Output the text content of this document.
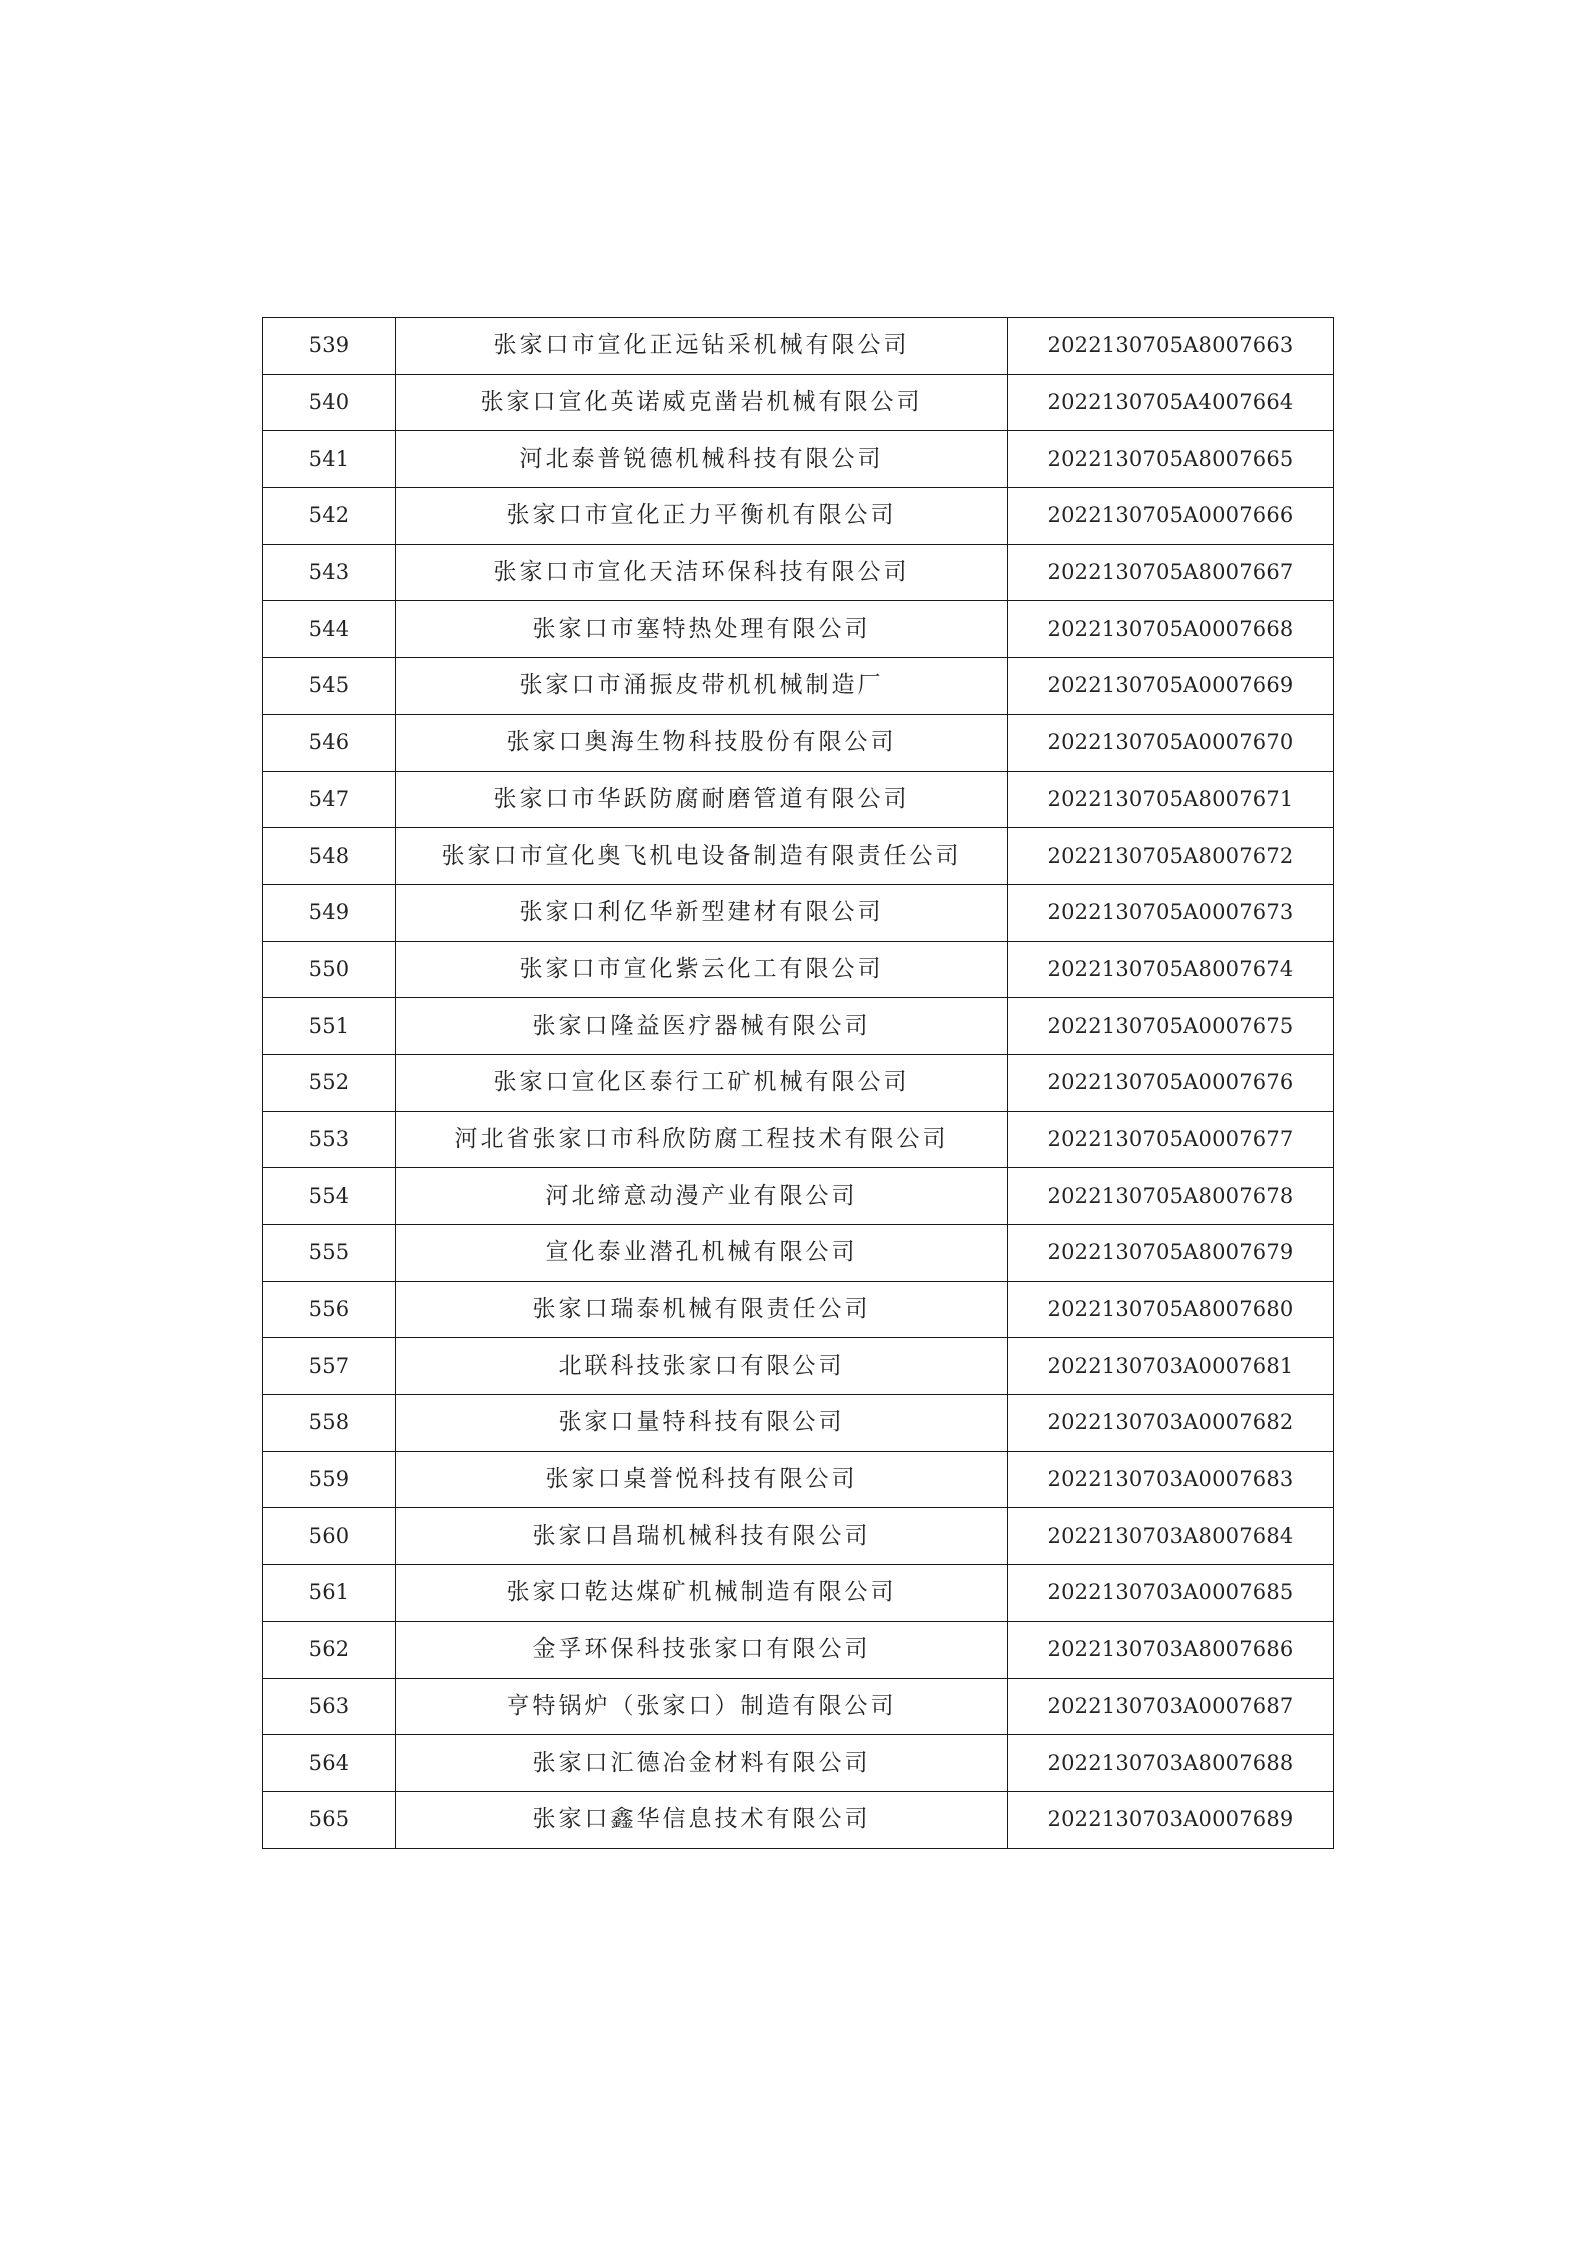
539	张家口市宣化正远钻采机械有限公司	2022130705A8007663
540	张家口宣化英诺威克凿岩机械有限公司	2022130705A4007664
541	河北泰普锐德机械科技有限公司	2022130705A8007665
542	张家口市宣化正力平衡机有限公司	2022130705A0007666
543	张家口市宣化天洁环保科技有限公司	2022130705A8007667
544	张家口市塞特热处理有限公司	2022130705A0007668
545	张家口市涌振皮带机机械制造厂	2022130705A0007669
546	张家口奥海生物科技股份有限公司	2022130705A0007670
547	张家口市华跃防腐耐磨管道有限公司	2022130705A8007671
548	张家口市宣化奥飞机电设备制造有限责任公司	2022130705A8007672
549	张家口利亿华新型建材有限公司	2022130705A0007673
550	张家口市宣化紫云化工有限公司	2022130705A8007674
551	张家口隆益医疗器械有限公司	2022130705A0007675
552	张家口宣化区泰行工矿机械有限公司	2022130705A0007676
553	河北省张家口市科欣防腐工程技术有限公司	2022130705A0007677
554	河北缔意动漫产业有限公司	2022130705A8007678
555	宣化泰业潜孔机械有限公司	2022130705A8007679
556	张家口瑞泰机械有限责任公司	2022130705A8007680
557	北联科技张家口有限公司	2022130703A0007681
558	张家口量特科技有限公司	2022130703A0007682
559	张家口桌誉悦科技有限公司	2022130703A0007683
560	张家口昌瑞机械科技有限公司	2022130703A8007684
561	张家口乾达煤矿机械制造有限公司	2022130703A0007685
562	金孚环保科技张家口有限公司	2022130703A8007686
563	亨特锅炉（张家口）制造有限公司	2022130703A0007687
564	张家口汇德冶金材料有限公司	2022130703A8007688
565	张家口鑫华信息技术有限公司	2022130703A0007689
